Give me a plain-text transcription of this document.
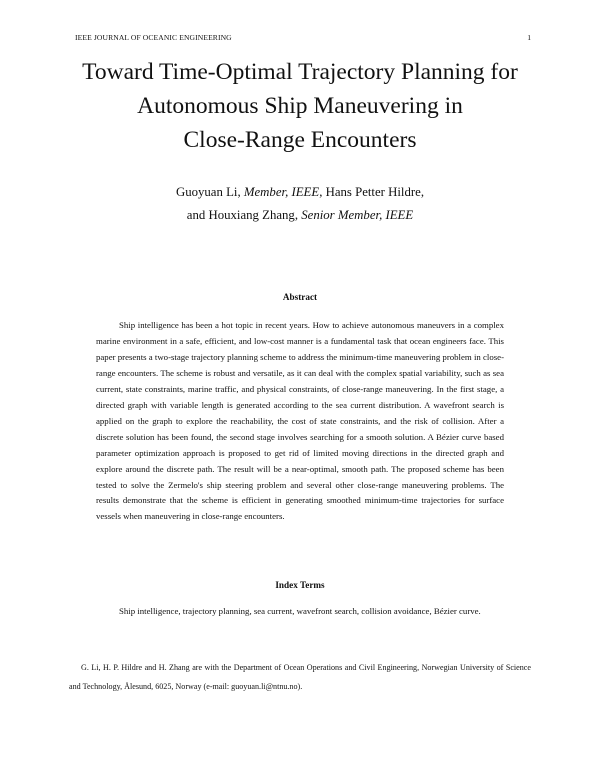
IEEE JOURNAL OF OCEANIC ENGINEERING	1
Toward Time-Optimal Trajectory Planning for
Autonomous Ship Maneuvering in
Close-Range Encounters
Guoyuan Li, Member, IEEE, Hans Petter Hildre,
and Houxiang Zhang, Senior Member, IEEE
Abstract
Ship intelligence has been a hot topic in recent years. How to achieve autonomous maneuvers in a complex marine environment in a safe, efficient, and low-cost manner is a fundamental task that ocean engineers face. This paper presents a two-stage trajectory planning scheme to address the minimum-time maneuvering problem in close-range encounters. The scheme is robust and versatile, as it can deal with the complex spatial variability, such as sea current, state constraints, marine traffic, and physical constraints, of close-range maneuvering. In the first stage, a directed graph with variable length is generated according to the sea current distribution. A wavefront search is applied on the graph to explore the reachability, the cost of state constraints, and the risk of collision. After a discrete solution has been found, the second stage involves searching for a smooth solution. A Bézier curve based parameter optimization approach is proposed to get rid of limited moving directions in the directed graph and explore around the discrete path. The result will be a near-optimal, smooth path. The proposed scheme has been tested to solve the Zermelo's ship steering problem and several other close-range maneuvering problems. The results demonstrate that the scheme is efficient in generating smoothed minimum-time trajectories for surface vessels when maneuvering in close-range encounters.
Index Terms
Ship intelligence, trajectory planning, sea current, wavefront search, collision avoidance, Bézier curve.
G. Li, H. P. Hildre and H. Zhang are with the Department of Ocean Operations and Civil Engineering, Norwegian University of Science and Technology, Ålesund, 6025, Norway (e-mail: guoyuan.li@ntnu.no).
